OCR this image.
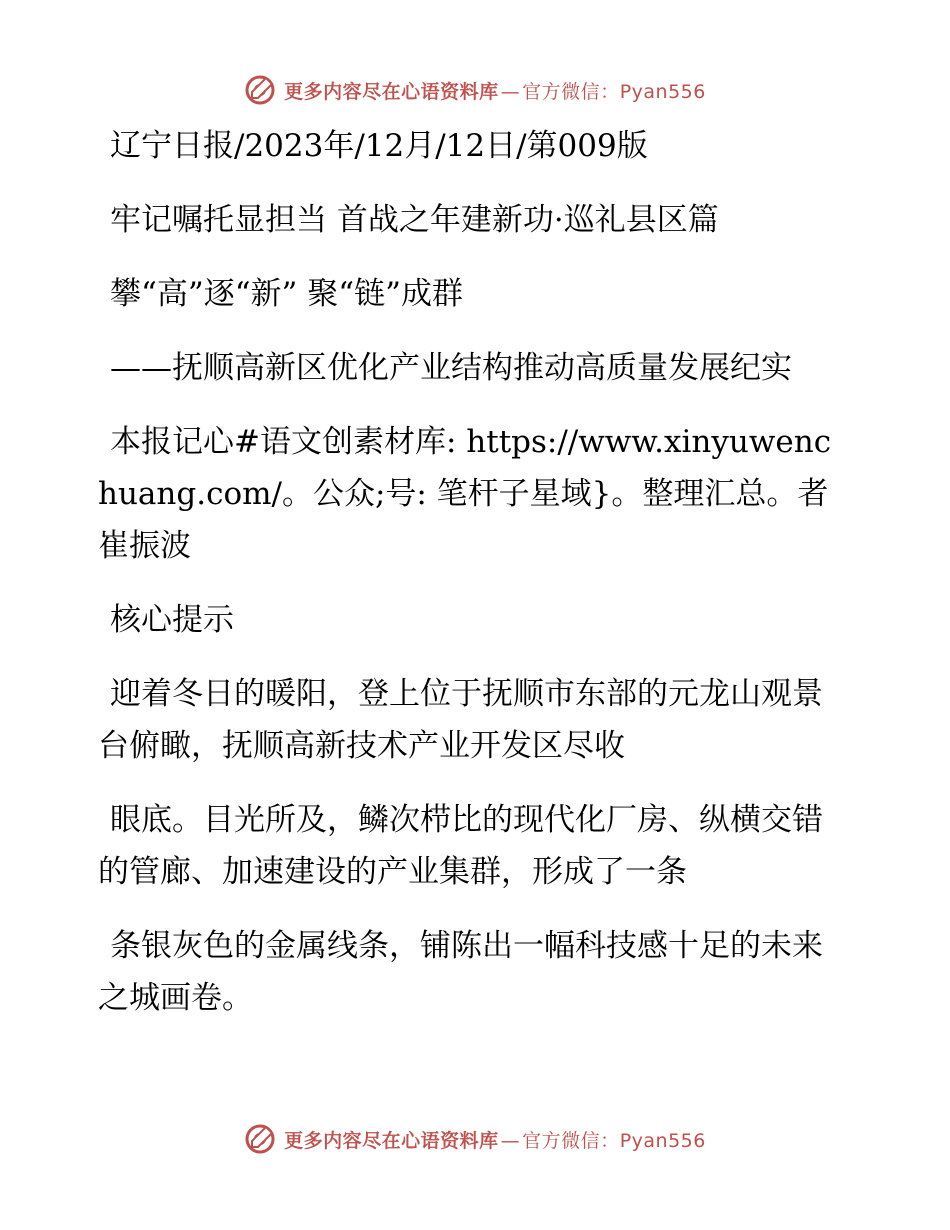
更多内容尽在心语资料库 — 官方微信： Pyan556

辽宁日报/2023年/12月/12日/第009版

牢记嘱托显担当 首战之年建新功·巡礼县区篇

攀“高”逐“新” 聚“链”成群

——抚顺高新区优化产业结构推动高质量发展纪实

本报记心#语文创素材库: https://www.xinyuwenchuang.com/。公众;号: 笔杆子星域}。整理汇总。者 崔振波

核心提示

迎着冬日的暖阳，登上位于抚顺市东部的元龙山观景台俯瞰，抚顺高新技术产业开发区尽收

眼底。目光所及，鳞次栉比的现代化厂房、纵横交错的管廊、加速建设的产业集群，形成了一条

条银灰色的金属线条，铺陈出一幅科技感十足的未来之城画卷。

更多内容尽在心语资料库 — 官方微信： Pyan556
